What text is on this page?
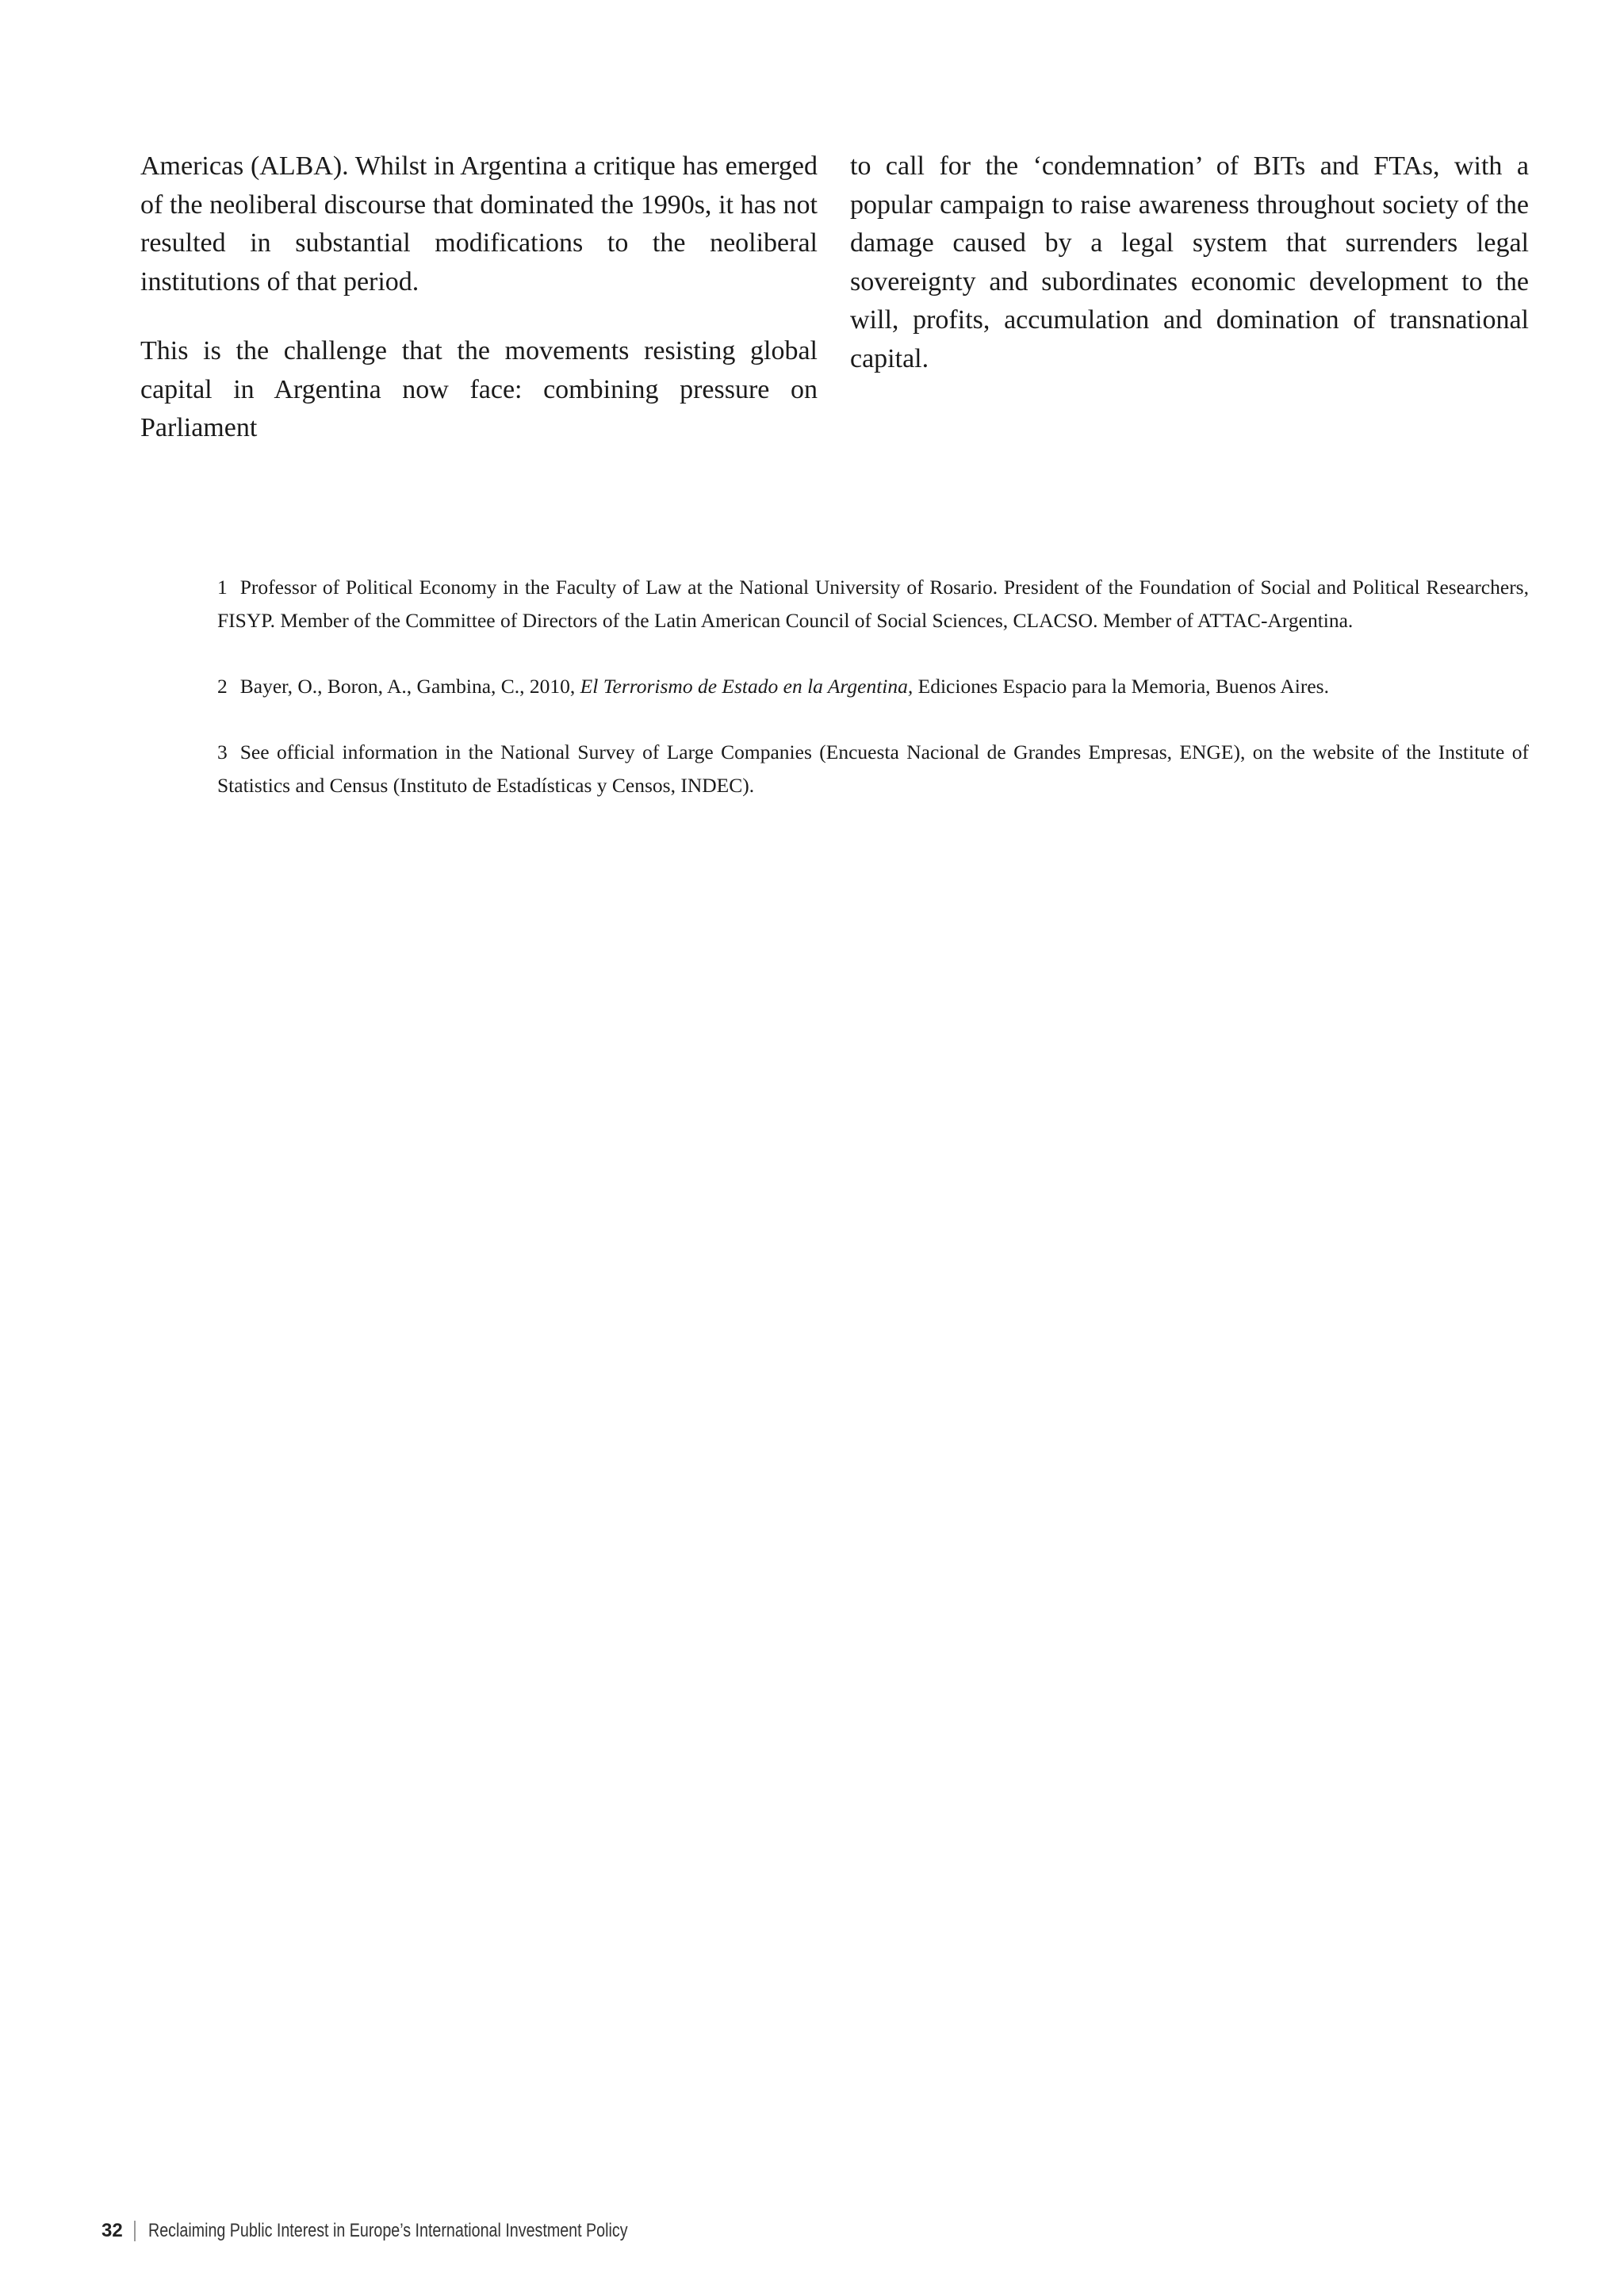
Americas (ALBA). Whilst in Argentina a critique has emerged of the neoliberal discourse that dominated the 1990s, it has not resulted in substantial modifications to the neoliberal institutions of that period.

This is the challenge that the movements resisting global capital in Argentina now face: combining pressure on Parliament

to call for the ‘condemnation’ of BITs and FTAs, with a popular campaign to raise awareness throughout society of the damage caused by a legal system that surrenders legal sovereignty and subordinates economic development to the will, profits, accumulation and domination of transnational capital.

1 Professor of Political Economy in the Faculty of Law at the National University of Rosario. President of the Foundation of Social and Political Researchers, FISYP. Member of the Committee of Directors of the Latin American Council of Social Sciences, CLACSO. Member of ATTAC-Argentina.
2 Bayer, O., Boron, A., Gambina, C., 2010, El Terrorismo de Estado en la Argentina, Ediciones Espacio para la Memoria, Buenos Aires.
3 See official information in the National Survey of Large Companies (Encuesta Nacional de Grandes Empresas, ENGE), on the website of the Institute of Statistics and Census (Instituto de Estadísticas y Censos, INDEC).
32 Reclaiming Public Interest in Europe’s International Investment Policy
